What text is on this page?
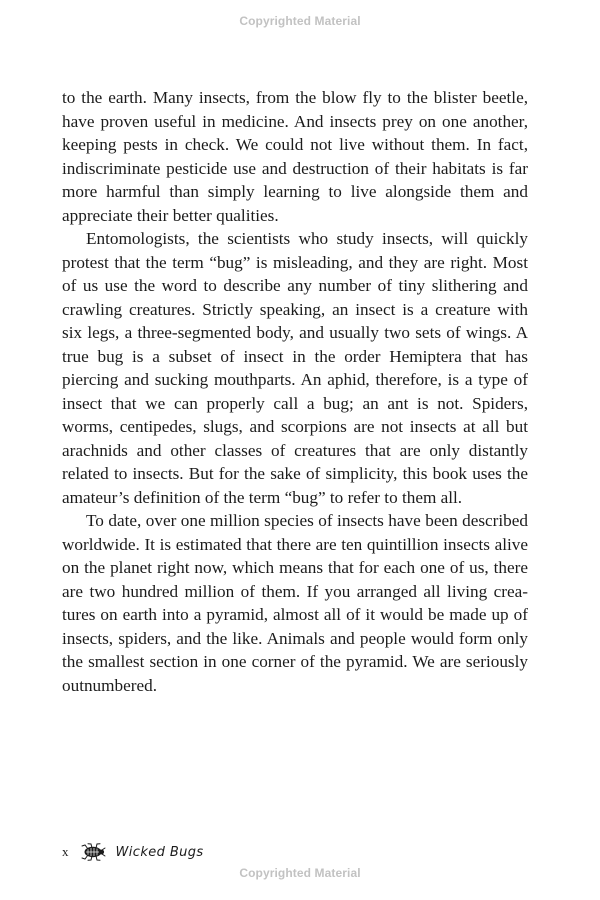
Copyrighted Material

to the earth. Many insects, from the blow fly to the blister beetle, have proven useful in medicine. And insects prey on one another, keeping pests in check. We could not live without them. In fact, indiscriminate pesticide use and destruction of their habitats is far more harmful than simply learning to live alongside them and appreciate their better qualities.

Entomologists, the scientists who study insects, will quickly protest that the term “bug” is misleading, and they are right. Most of us use the word to describe any number of tiny slithering and crawling creatures. Strictly speaking, an insect is a creature with six legs, a three-segmented body, and usually two sets of wings. A true bug is a subset of insect in the order Hemiptera that has piercing and sucking mouthparts. An aphid, therefore, is a type of insect that we can properly call a bug; an ant is not. Spiders, worms, centipedes, slugs, and scorpions are not insects at all but arachnids and other classes of creatures that are only distantly related to insects. But for the sake of simplicity, this book uses the amateur’s definition of the term “bug” to refer to them all.

To date, over one million species of insects have been described worldwide. It is estimated that there are ten quintillion insects alive on the planet right now, which means that for each one of us, there are two hundred million of them. If you arranged all living creatures on earth into a pyramid, almost all of it would be made up of insects, spiders, and the like. Animals and people would form only the smallest section in one corner of the pyramid. We are seriously outnumbered.

x	Wicked Bugs
Copyrighted Material
